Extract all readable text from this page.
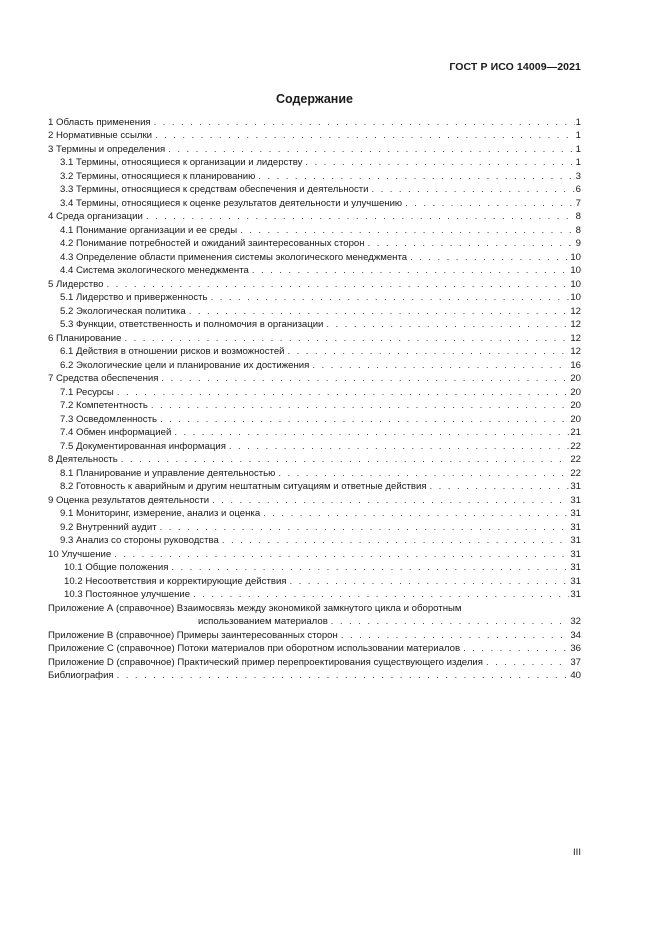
ГОСТ Р ИСО 14009—2021
Содержание
1 Область применения . . .	1
2 Нормативные ссылки . . .	1
3 Термины и определения . . .	1
3.1 Термины, относящиеся к организации и лидерству . . .	1
3.2 Термины, относящиеся к планированию . . .	3
3.3 Термины, относящиеся к средствам обеспечения и деятельности . . .	6
3.4 Термины, относящиеся к оценке результатов деятельности и улучшению . . .	7
4 Среда организации . . .	8
4.1 Понимание организации и ее среды . . .	8
4.2 Понимание потребностей и ожиданий заинтересованных сторон . . .	9
4.3 Определение области применения системы экологического менеджмента . . .	10
4.4 Система экологического менеджмента . . .	10
5 Лидерство . . .	10
5.1 Лидерство и приверженность . . .	10
5.2 Экологическая политика . . .	12
5.3 Функции, ответственность и полномочия в организации . . .	12
6 Планирование . . .	12
6.1 Действия в отношении рисков и возможностей . . .	12
6.2 Экологические цели и планирование их достижения . . .	16
7 Средства обеспечения . . .	20
7.1 Ресурсы . . .	20
7.2 Компетентность . . .	20
7.3 Осведомленность . . .	20
7.4 Обмен информацией . . .	21
7.5 Документированная информация . . .	22
8 Деятельность . . .	22
8.1 Планирование и управление деятельностью . . .	22
8.2 Готовность к аварийным и другим нештатным ситуациям и ответные действия . . .	31
9 Оценка результатов деятельности . . .	31
9.1 Мониторинг, измерение, анализ и оценка . . .	31
9.2 Внутренний аудит . . .	31
9.3 Анализ со стороны руководства . . .	31
10 Улучшение . . .	31
10.1 Общие положения . . .	31
10.2 Несоответствия и корректирующие действия . . .	31
10.3 Постоянное улучшение . . .	31
Приложение А (справочное) Взаимосвязь между экономикой замкнутого цикла и оборотным
использованием материалов . . .	32
Приложение В (справочное) Примеры заинтересованных сторон . . .	34
Приложение С (справочное) Потоки материалов при оборотном использовании материалов . . .	36
Приложение D (справочное) Практический пример перепроектирования существующего изделия . . .	37
Библиография . . .	40
III
